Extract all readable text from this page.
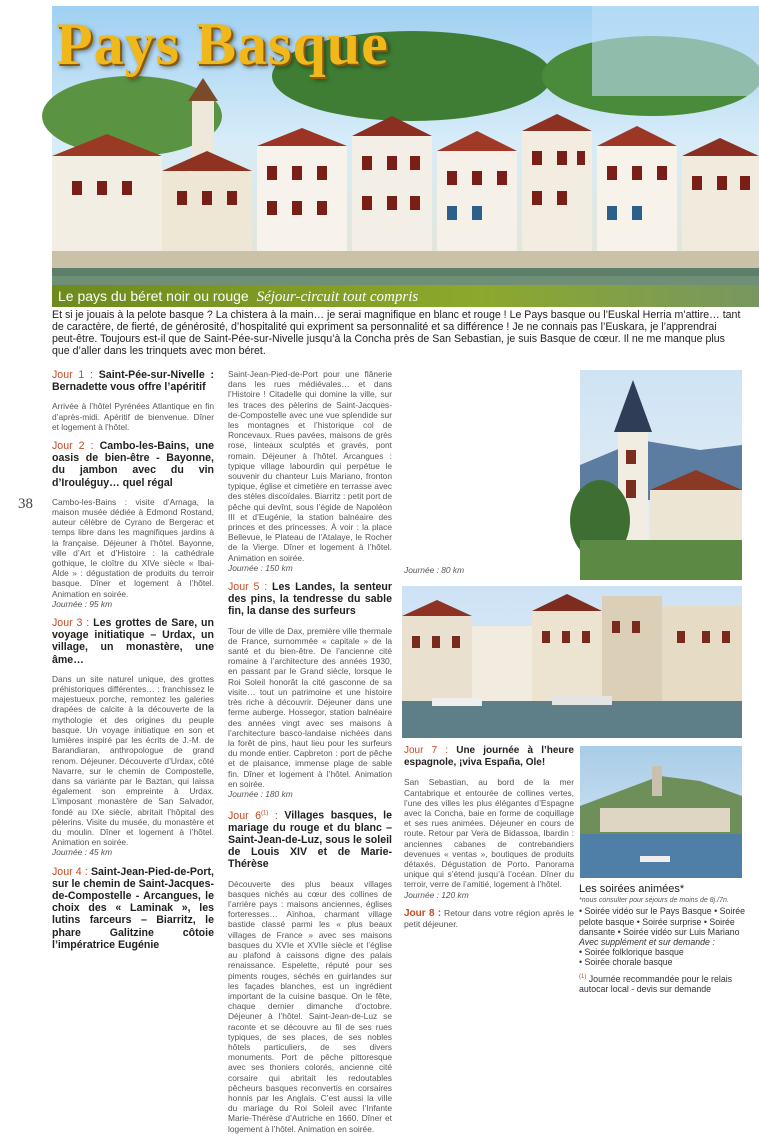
Pays Basque
Le pays du béret noir ou rouge Séjour-circuit tout compris
Et si je jouais à la pelote basque ? La chistera à la main… je serai magnifique en blanc et rouge ! Le Pays basque ou l’Euskal Herria m’attire… tant de caractère, de fierté, de générosité, d’hospitalité qui expriment sa personnalité et sa différence ! Je ne connais pas l’Euskara, je l’apprendrai peut-être. Toujours est-il que de Saint-Pée-sur-Nivelle jusqu’à la Concha près de San Sebastian, je suis Basque de cœur. Il ne me manque plus que d’aller dans les trinquets avec mon béret.
38
Jour 1 : Saint-Pée-sur-Nivelle : Bernadette vous offre l’apéritif

Arrivée à l’hôtel Pyrénées Atlantique en fin d’après-midi. Apéritif de bienvenue. Dîner et logement à l’hôtel.

Jour 2 : Cambo-les-Bains, une oasis de bien-être - Bayonne, du jambon avec du vin d’Irouléguy… quel régal

Cambo-les-Bains : visite d’Arnaga, la maison musée dédiée à Edmond Rostand, auteur célèbre de Cyrano de Bergerac et temps libre dans les magnifiques jardins à la française. Déjeuner à l’hôtel. Bayonne, ville d’Art et d’Histoire : la cathédrale gothique, le cloître du XIVe siècle « Ibai-Alde » : dégustation de produits du terroir basque. Dîner et logement à l’hôtel. Animation en soirée.

Journée : 95 km

Jour 3 : Les grottes de Sare, un voyage initiatique – Urdax, un village, un monastère, une âme…

Dans un site naturel unique, des grottes préhistoriques différentes… : franchissez le majestueux porche, remontez les galeries drapées de calcite à la découverte de la mythologie et des origines du peuple basque. Un voyage initiatique en son et lumières inspiré par les écrits de J.-M. de Barandiaran, anthropologue de grand renom. Déjeuner. Découverte d’Urdax, côté Navarre, sur le chemin de Compostelle, dans sa variante par le Baztan, qui laissa également son empreinte à Urdax. L’imposant monastère de San Salvador, fondé au IXe siècle, abritait l’hôpital des pèlerins. Visite du musée, du monastère et du moulin. Dîner et logement à l’hôtel. Animation en soirée.

Journée : 45 km

Jour 4 : Saint-Jean-Pied-de-Port, sur le chemin de Saint-Jacques-de-Compostelle - Arcangues, le choix des « Laminak », les lutins farceurs – Biarritz, le phare Galitzine côtoie l’impératrice Eugénie

Saint-Jean-Pied-de-Port pour une flânerie dans les rues médiévales… et dans l’Histoire ! Citadelle qui domine la ville, sur les traces des pèlerins de Saint-Jacques-de-Compostelle avec une vue splendide sur les montagnes et l’historique col de Roncevaux. Rues pavées, maisons de grès rose, linteaux sculptés et gravés, pont romain. Déjeuner à l’hôtel. Arcangues : typique village labourdin qui perpétue le souvenir du chanteur Luis Mariano, fronton typique, église et cimetière en terrasse avec des stèles discoïdales. Biarritz : petit port de pêche qui devînt, sous l’égide de Napoléon III et d’Eugénie, la station balnéaire des princes et des princesses. À voir : la place Bellevue, le Plateau de l’Atalaye, le Rocher de la Vierge. Dîner et logement à l’hôtel. Animation en soirée.

Journée : 150 km

Jour 5 : Les Landes, la senteur des pins, la tendresse du sable fin, la danse des surfeurs

Tour de ville de Dax, première ville thermale de France, surnommée « capitale » de la santé et du bien-être. De l’ancienne cité romaine à l’architecture des années 1930, en passant par le Grand siècle, lorsque le Roi Soleil honorât la cité gasconne de sa visite… tout un patrimoine et une histoire très riche à découvrir. Déjeuner dans une ferme auberge. Hossegor, station balnéaire des années vingt avec ses maisons à l’architecture basco-landaise nichées dans la forêt de pins, haut lieu pour les surfeurs du monde entier. Capbreton : port de pêche et de plaisance, immense plage de sable fin. Dîner et logement à l’hôtel. Animation en soirée.

Journée : 180 km

Jour 6$^{(1)}$ : Villages basques, le mariage du rouge et du blanc – Saint-Jean-de-Luz, sous le soleil de Louis XIV et de Marie-Thérèse

Découverte des plus beaux villages basques nichés au cœur des collines de l’arrière pays : maisons anciennes, églises forteresses… Aïnhoa, charmant village bastide classé parmi les « plus beaux villages de France » avec ses maisons basques du XVIe et XVIIe siècle et l’église au plafond à caissons digne des palais renaissance. Espelette, réputé pour ses piments rouges, séchés en guirlandes sur les façades blanches, est un ingrédient important de la cuisine basque. On le fête, chaque dernier dimanche d’octobre. Déjeuner à l’hôtel. Saint-Jean-de-Luz se raconte et se découvre au fil de ses rues typiques, de ses places, de ses nobles hôtels particuliers, de ses divers monuments. Port de pêche pittoresque avec ses thoniers colorés, ancienne cité corsaire qui abritait les redoutables pêcheurs basques reconvertis en corsaires honnis par les Anglais. C’est aussi la ville du mariage du Roi Soleil avec l’Infante Marie-Thérèse d’Autriche en 1660. Dîner et logement à l’hôtel. Animation en soirée.

Journée : 80 km

Jour 7 : Une journée à l’heure espagnole, ¡viva España, Ole!

San Sebastian, au bord de la mer Cantabrique et entourée de collines vertes, l’une des villes les plus élégantes d’Espagne avec la Concha, baie en forme de coquillage et ses rues animées. Déjeuner en cours de route. Retour par Vera de Bidassoa, Ibardin : anciennes cabanes de contrebandiers devenues « ventas », boutiques de produits détaxés. Dégustation de Porto. Panorama unique qui s’étend jusqu’à l’océan. Dîner du terroir, verre de l’amitié, logement à l’hôtel.

Journée : 120 km

Jour 8 : Retour dans votre région après le petit déjeuner.
Les soirées animées*
*nous consulter pour séjours de moins de 8j./7n.
• Soirée vidéo sur le Pays Basque • Soirée pelote basque • Soirée surprise • Soirée dansante • Soirée vidéo sur Luis Mariano
Avec supplément et sur demande :
• Soirée folklorique basque
• Soirée chorale basque
$^{(1)}$ Journée recommandée pour le relais autocar local - devis sur demande
